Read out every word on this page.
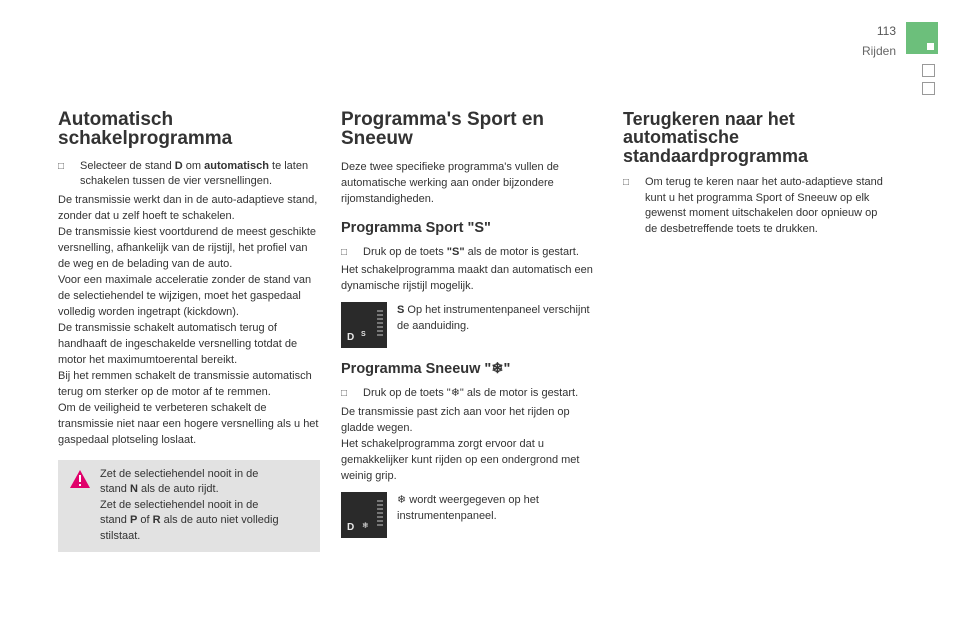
113
Rijden
Automatisch schakelprogramma
□	Selecteer de stand D om automatisch te laten schakelen tussen de vier versnellingen.

De transmissie werkt dan in de auto-adaptieve stand, zonder dat u zelf hoeft te schakelen.

De transmissie kiest voortdurend de meest geschikte versnelling, afhankelijk van de rijstijl, het profiel van de weg en de belading van de auto.

Voor een maximale acceleratie zonder de stand van de selectiehendel te wijzigen, moet het gaspedaal volledig worden ingetrapt (kickdown).

De transmissie schakelt automatisch terug of handhaaft de ingeschakelde versnelling totdat de motor het maximumtoerental bereikt.

Bij het remmen schakelt de transmissie automatisch terug om sterker op de motor af te remmen.

Om de veiligheid te verbeteren schakelt de transmissie niet naar een hogere versnelling als u het gaspedaal plotseling loslaat.

Zet de selectiehendel nooit in de
stand N als de auto rijdt.
Zet de selectiehendel nooit in de
stand P of R als de auto niet volledig
stilstaat.
Programma's Sport en Sneeuw

Deze twee specifieke programma's vullen de automatische werking aan onder bijzondere rijomstandigheden.

Programma Sport "S"
□	Druk op de toets "S" als de motor is gestart.

Het schakelprogramma maakt dan automatisch een dynamische rijstijl mogelijk.

D S
S Op het instrumentenpaneel verschijnt de aanduiding.
Programma Sneeuw "❄"
□	Druk op de toets "❄" als de motor is gestart.

De transmissie past zich aan voor het rijden op gladde wegen.

Het schakelprogramma zorgt ervoor dat u gemakkelijker kunt rijden op een ondergrond met weinig grip.

D ❄
❄ wordt weergegeven op het instrumentenpaneel.
Terugkeren naar het automatische standaardprogramma
□	Om terug te keren naar het auto-adaptieve stand kunt u het programma Sport of Sneeuw op elk gewenst moment uitschakelen door opnieuw op de desbetreffende toets te drukken.
